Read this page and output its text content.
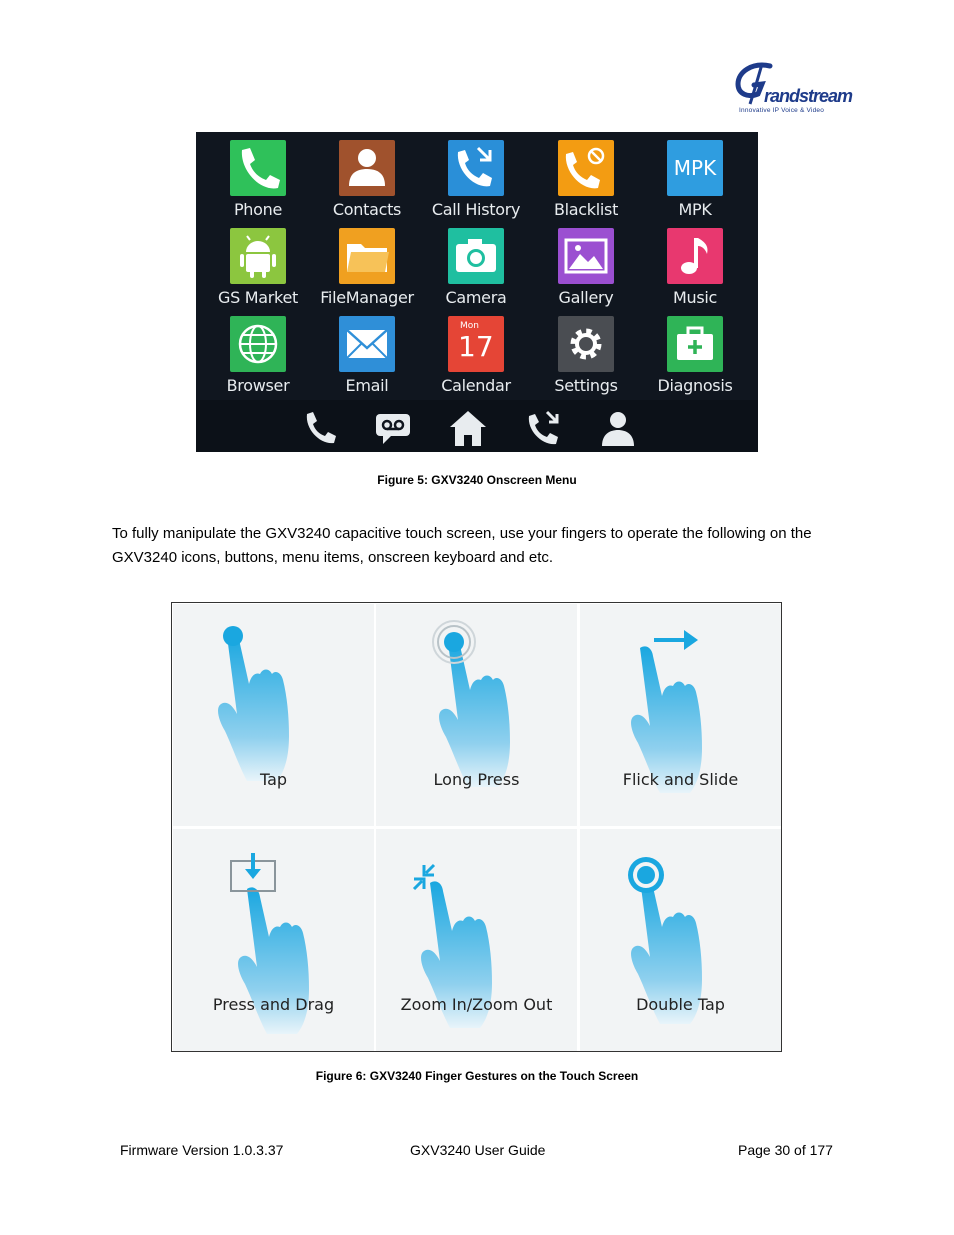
randstream
Innovative IP Voice & Video
Phone	Contacts	Call History	Blacklist
MPK
MPK
GS Market	FileManager	Camera	Gallery	Music
Browser	Email
Mon
17
Calendar	Settings	Diagnosis
Figure 5: GXV3240 Onscreen Menu
To fully manipulate the GXV3240 capacitive touch screen, use your fingers to operate the following on the GXV3240 icons, buttons, menu items, onscreen keyboard and etc.
Tap	Long Press	Flick and Slide
Press and Drag	Zoom In/Zoom Out	Double Tap
Figure 6: GXV3240 Finger Gestures on the Touch Screen
Firmware Version 1.0.3.37	GXV3240 User Guide	Page 30 of 177
